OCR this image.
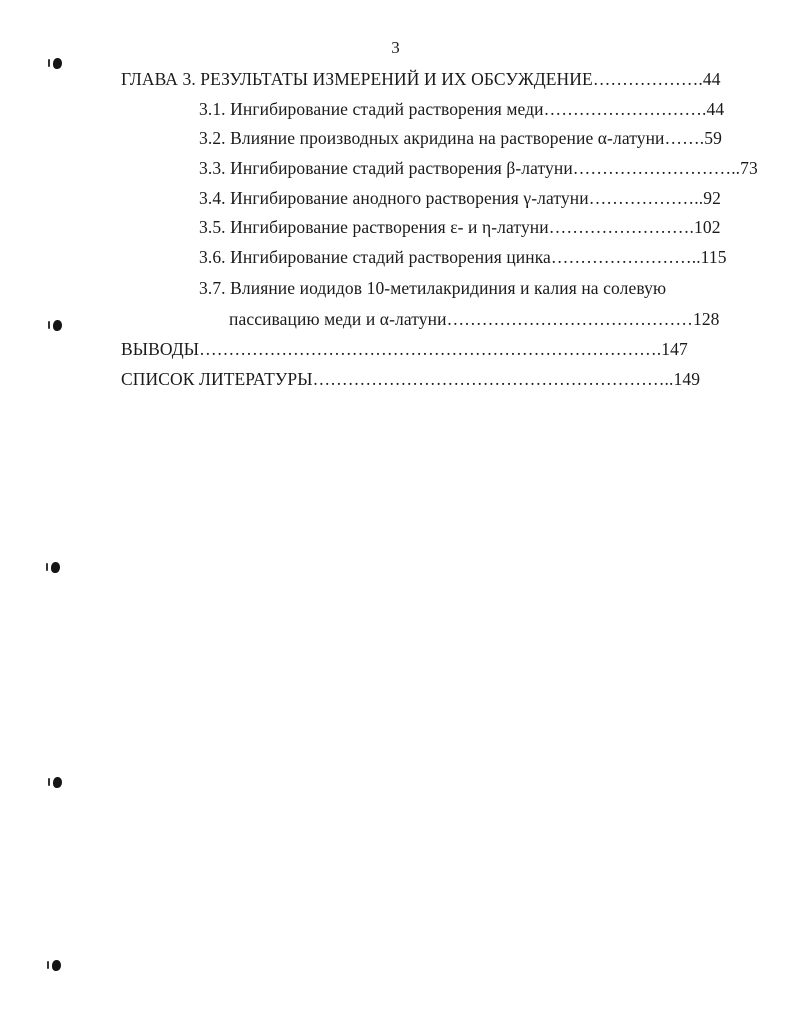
3
ГЛАВА 3. РЕЗУЛЬТАТЫ ИЗМЕРЕНИЙ И ИХ ОБСУЖДЕНИЕ……………….44
3.1. Ингибирование стадий растворения меди……………………….44
3.2. Влияние производных акридина на растворение α-латуни…….59
3.3. Ингибирование стадий растворения β-латуни………………………..73
3.4. Ингибирование анодного растворения γ-латуни………………..92
3.5. Ингибирование растворения ε- и η-латуни…………………….102
3.6. Ингибирование стадий растворения цинка……………………..115
3.7. Влияние иодидов 10-метилакридиния и калия на солевую
пассивацию меди и α-латуни……………………………………128
ВЫВОДЫ…………………………………………………………………….147
СПИСОК ЛИТЕРАТУРЫ……………………………………………………..149
